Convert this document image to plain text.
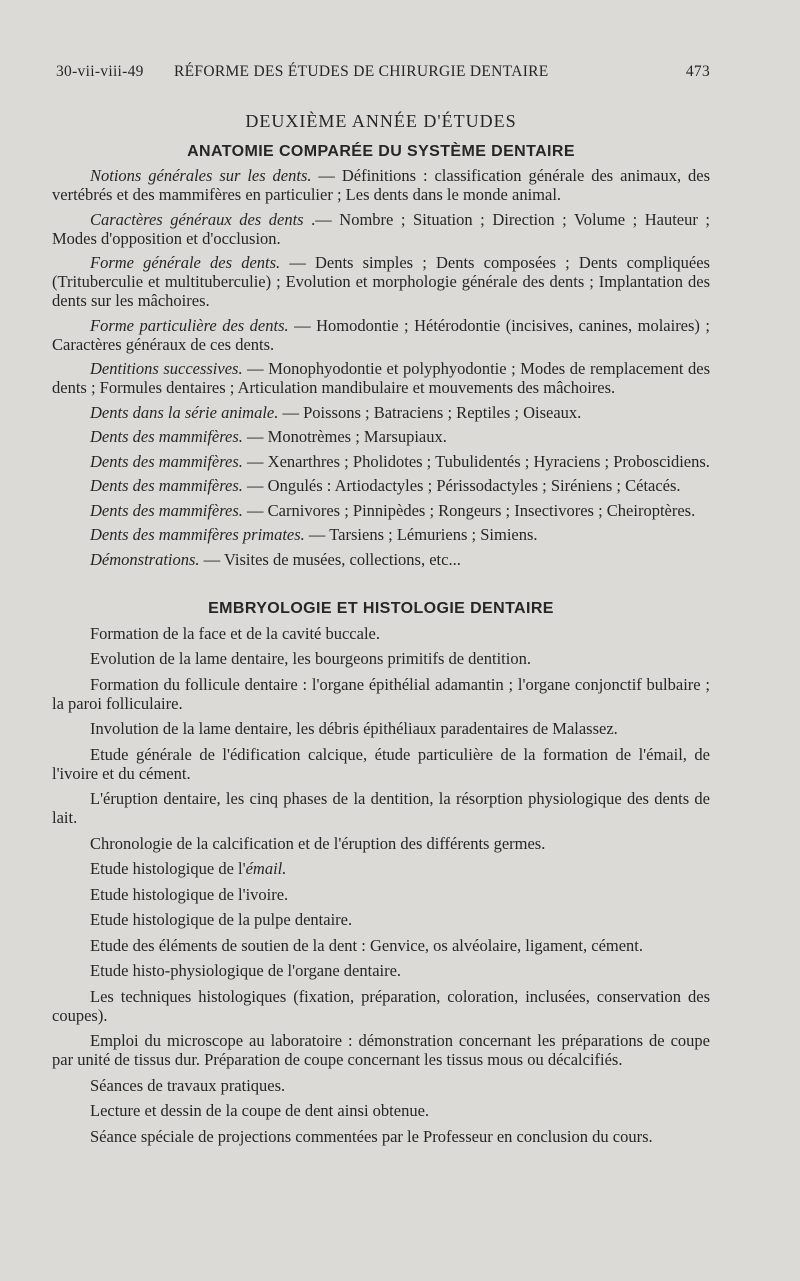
30-vii-viii-49 RÉFORME DES ÉTUDES DE CHIRURGIE DENTAIRE	473
DEUXIÈME ANNÉE D'ÉTUDES
ANATOMIE COMPARÉE DU SYSTÈME DENTAIRE

Notions générales sur les dents. — Définitions : classification générale des animaux, des vertébrés et des mammifères en particulier ; Les dents dans le monde animal.

Caractères généraux des dents .— Nombre ; Situation ; Direction ; Volume ; Hauteur ; Modes d'opposition et d'occlusion.

Forme générale des dents. — Dents simples ; Dents composées ; Dents compliquées (Trituberculie et multituberculie) ; Evolution et morphologie générale des dents ; Implantation des dents sur les mâchoires.

Forme particulière des dents. — Homodontie ; Hétérodontie (incisives, canines, molaires) ; Caractères généraux de ces dents.

Dentitions successives. — Monophyodontie et polyphyodontie ; Modes de remplacement des dents ; Formules dentaires ; Articulation mandibulaire et mouvements des mâchoires.

Dents dans la série animale. — Poissons ; Batraciens ; Reptiles ; Oiseaux.

Dents des mammifères. — Monotrèmes ; Marsupiaux.

Dents des mammifères. — Xenarthres ; Pholidotes ; Tubulidentés ; Hyraciens ; Proboscidiens.

Dents des mammifères. — Ongulés : Artiodactyles ; Périssodactyles ; Siréniens ; Cétacés.

Dents des mammifères. — Carnivores ; Pinnipèdes ; Rongeurs ; Insectivores ; Cheiroptères.

Dents des mammifères primates. — Tarsiens ; Lémuriens ; Simiens.

Démonstrations. — Visites de musées, collections, etc...

EMBRYOLOGIE ET HISTOLOGIE DENTAIRE

Formation de la face et de la cavité buccale.

Evolution de la lame dentaire, les bourgeons primitifs de dentition.

Formation du follicule dentaire : l'organe épithélial adamantin ; l'organe conjonctif bulbaire ; la paroi folliculaire.

Involution de la lame dentaire, les débris épithéliaux paradentaires de Malassez.

Etude générale de l'édification calcique, étude particulière de la formation de l'émail, de l'ivoire et du cément.

L'éruption dentaire, les cinq phases de la dentition, la résorption physiologique des dents de lait.

Chronologie de la calcification et de l'éruption des différents germes.

Etude histologique de l'émail.

Etude histologique de l'ivoire.

Etude histologique de la pulpe dentaire.

Etude des éléments de soutien de la dent : Genvice, os alvéolaire, ligament, cément.

Etude histo-physiologique de l'organe dentaire.

Les techniques histologiques (fixation, préparation, coloration, inclusées, conservation des coupes).

Emploi du microscope au laboratoire : démonstration concernant les préparations de coupe par unité de tissus dur. Préparation de coupe concernant les tissus mous ou décalcifiés.

Séances de travaux pratiques.

Lecture et dessin de la coupe de dent ainsi obtenue.

Séance spéciale de projections commentées par le Professeur en conclusion du cours.
